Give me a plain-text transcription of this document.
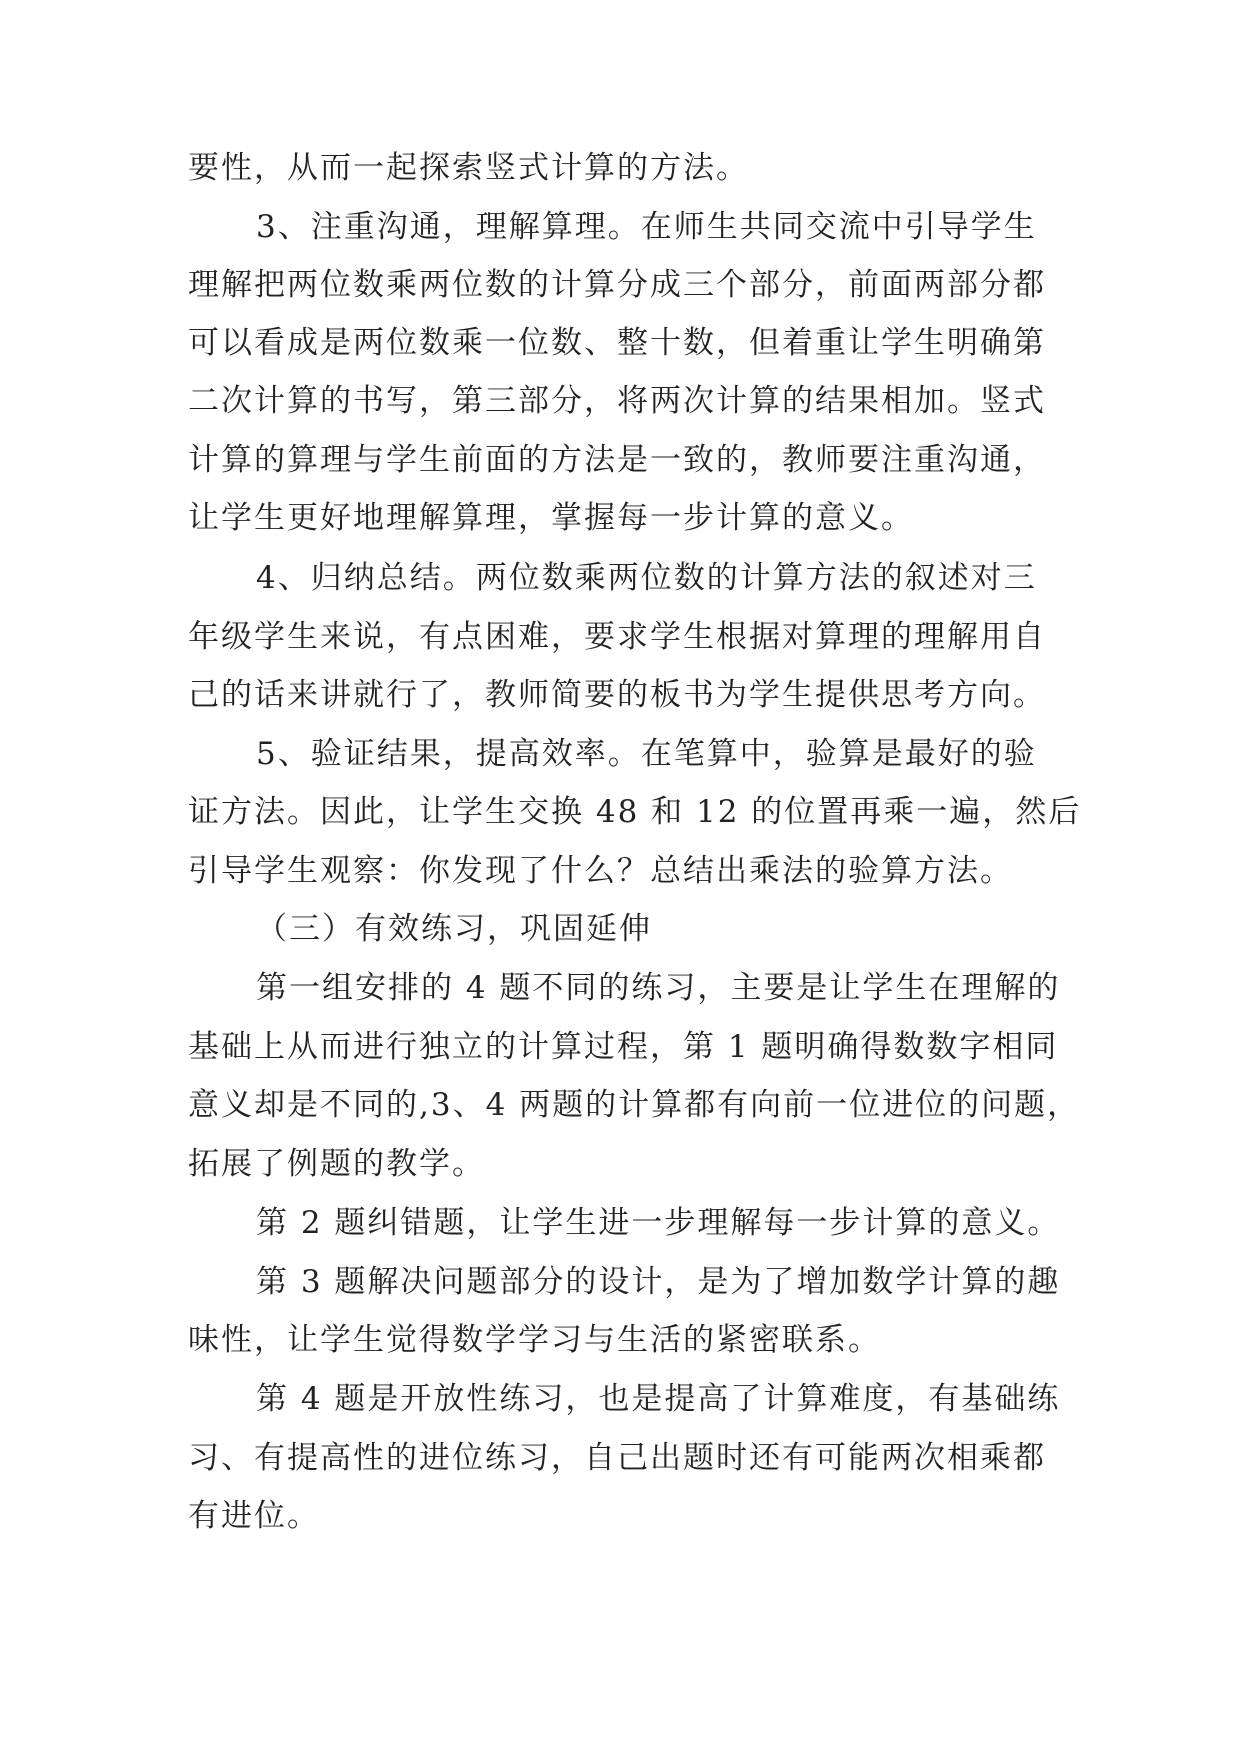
要性，从而一起探索竖式计算的方法。
3、注重沟通，理解算理。在师生共同交流中引导学生
理解把两位数乘两位数的计算分成三个部分，前面两部分都
可以看成是两位数乘一位数、整十数，但着重让学生明确第
二次计算的书写，第三部分，将两次计算的结果相加。竖式
计算的算理与学生前面的方法是一致的，教师要注重沟通，
让学生更好地理解算理，掌握每一步计算的意义。
4、归纳总结。两位数乘两位数的计算方法的叙述对三
年级学生来说，有点困难，要求学生根据对算理的理解用自
己的话来讲就行了，教师简要的板书为学生提供思考方向。
5、验证结果，提高效率。在笔算中，验算是最好的验
证方法。因此，让学生交换 48 和 12 的位置再乘一遍，然后
引导学生观察：你发现了什么？总结出乘法的验算方法。
（三）有效练习，巩固延伸
第一组安排的 4 题不同的练习，主要是让学生在理解的
基础上从而进行独立的计算过程，第 1 题明确得数数字相同
意义却是不同的,3、4 两题的计算都有向前一位进位的问题，
拓展了例题的教学。
第 2 题纠错题，让学生进一步理解每一步计算的意义。
第 3 题解决问题部分的设计，是为了增加数学计算的趣
味性，让学生觉得数学学习与生活的紧密联系。
第 4 题是开放性练习，也是提高了计算难度，有基础练
习、有提高性的进位练习，自己出题时还有可能两次相乘都
有进位。
